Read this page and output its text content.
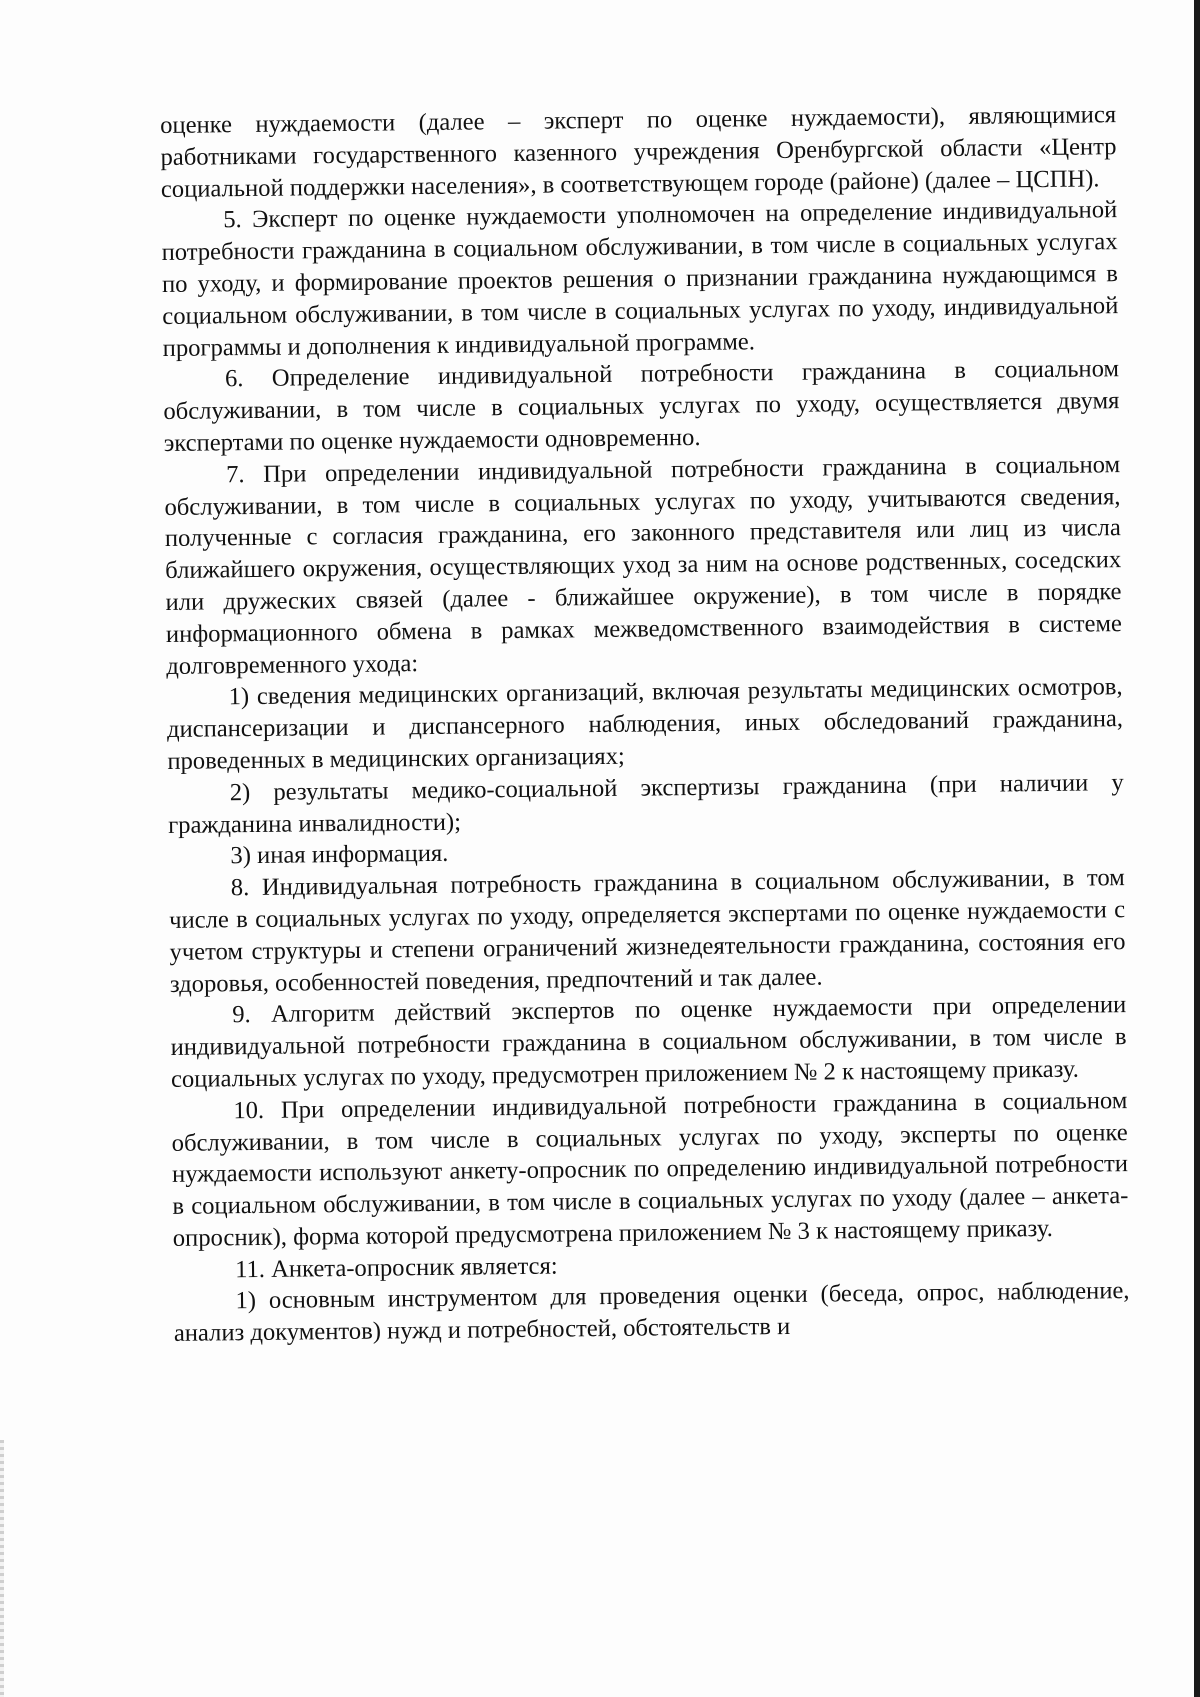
оценке нуждаемости (далее – эксперт по оценке нуждаемости), являющимися работниками государственного казенного учреждения Оренбургской области «Центр социальной поддержки населения», в соответствующем городе (районе) (далее – ЦСПН).

5. Эксперт по оценке нуждаемости уполномочен на определение индивидуальной потребности гражданина в социальном обслуживании, в том числе в социальных услугах по уходу, и формирование проектов решения о признании гражданина нуждающимся в социальном обслуживании, в том числе в социальных услугах по уходу, индивидуальной программы и дополнения к индивидуальной программе.

6. Определение индивидуальной потребности гражданина в социальном обслуживании, в том числе в социальных услугах по уходу, осуществляется двумя экспертами по оценке нуждаемости одновременно.

7. При определении индивидуальной потребности гражданина в социальном обслуживании, в том числе в социальных услугах по уходу, учитываются сведения, полученные с согласия гражданина, его законного представителя или лиц из числа ближайшего окружения, осуществляющих уход за ним на основе родственных, соседских или дружеских связей (далее - ближайшее окружение), в том числе в порядке информационного обмена в рамках межведомственного взаимодействия в системе долговременного ухода:

1) сведения медицинских организаций, включая результаты медицинских осмотров, диспансеризации и диспансерного наблюдения, иных обследований гражданина, проведенных в медицинских организациях;

2) результаты медико-социальной экспертизы гражданина (при наличии у гражданина инвалидности);

3) иная информация.

8. Индивидуальная потребность гражданина в социальном обслуживании, в том числе в социальных услугах по уходу, определяется экспертами по оценке нуждаемости с учетом структуры и степени ограничений жизнедеятельности гражданина, состояния его здоровья, особенностей поведения, предпочтений и так далее.

9. Алгоритм действий экспертов по оценке нуждаемости при определении индивидуальной потребности гражданина в социальном обслуживании, в том числе в социальных услугах по уходу, предусмотрен приложением № 2 к настоящему приказу.

10. При определении индивидуальной потребности гражданина в социальном обслуживании, в том числе в социальных услугах по уходу, эксперты по оценке нуждаемости используют анкету-опросник по определению индивидуальной потребности в социальном обслуживании, в том числе в социальных услугах по уходу (далее – анкета-опросник), форма которой предусмотрена приложением № 3 к настоящему приказу.

11. Анкета-опросник является:

1) основным инструментом для проведения оценки (беседа, опрос, наблюдение, анализ документов) нужд и потребностей, обстоятельств и
